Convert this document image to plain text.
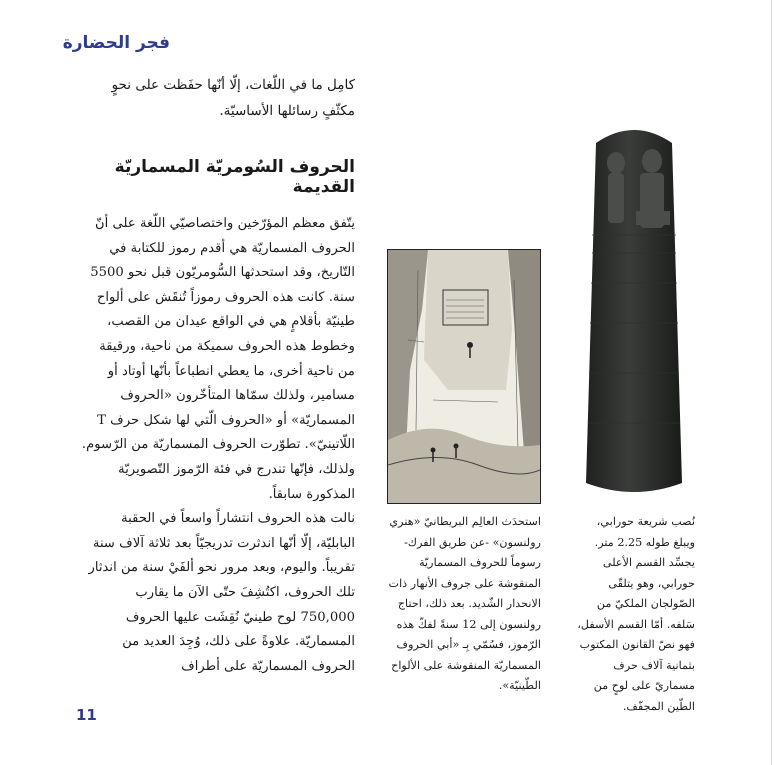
فجر الحضارة
كامِل ما في اللّغات، إلّا أنّها حفَظت على نحوٍ مكثّفٍ رسائلها الأساسيّة.
الحروف السُومريّة المسماريّة القديمة

يتّفق معظم المؤرّخين واختصاصيّي اللّغة على أنّ الحروف المسماريّة هي أقدم رموز للكتابة في التّاريخ، وقد استحدثها السُّومريّون قبل نحو 5500 سنة. كانت هذه الحروف رموزاً تُنقَش على ألواح طينيّة بأقلامٍ هي في الواقع عيدان من القصب، وخطوط هذه الحروف سميكة من ناحية، ورقيقة من ناحية أخرى، ما يعطي انطباعاً بأنّها أوتاد أو مسامير، ولذلك سمّاها المتأخّرون «الحروف المسماريّة» أو «الحروف الّتي لها شكل حرف T اللّاتينيّ». تطوّرت الحروف المسماريّة من الرّسوم. ولذلك، فإنّها تندرج في فئة الرّموز التّصويريّة المذكورة سابقاً.

نالت هذه الحروف انتشاراً واسعاً في الحقبة البابليّة، إلّا أنّها اندثرت تدريجيّاً بعد ثلاثة آلاف سنة تقريباً. واليوم، وبعد مرور نحو ألفَيْ سنة من اندثار تلك الحروف، اكتُشِفَ حتّى الآن ما يقارب 750,000 لوح طينيّ نُقِشَت عليها الحروف المسماريّة. علاوةً على ذلك، وُجِدَ العديد من الحروف المسماريّة على أطراف

استحدَث العالِم البريطانيّ «هنري رولنسون» -عن طريق الفرك- رسوماً للحروف المسماريّة المنقوشة على جروف الأنهار ذات الانحدار الشّديد. بعد ذلك، احتاج رولنسون إلى 12 سنةً لفكّ هذه الرّموز، فسُمّي بِـ «أبي الحروف المسماريّة المنقوشة على الألواح الطّينيّة».
نُصب شريعة حورابي، ويبلغ طوله 2.25 متر. يجسِّد القسم الأعلى حورابي، وهو يتلقّى الصّولجان الملكيّ من سَلفه. أمّا القسم الأسفل، فهو نصّ القانون المكتوب بثمانية آلاف حرف مسماريّ على لوحٍ من الطّين المجفّف.
11
